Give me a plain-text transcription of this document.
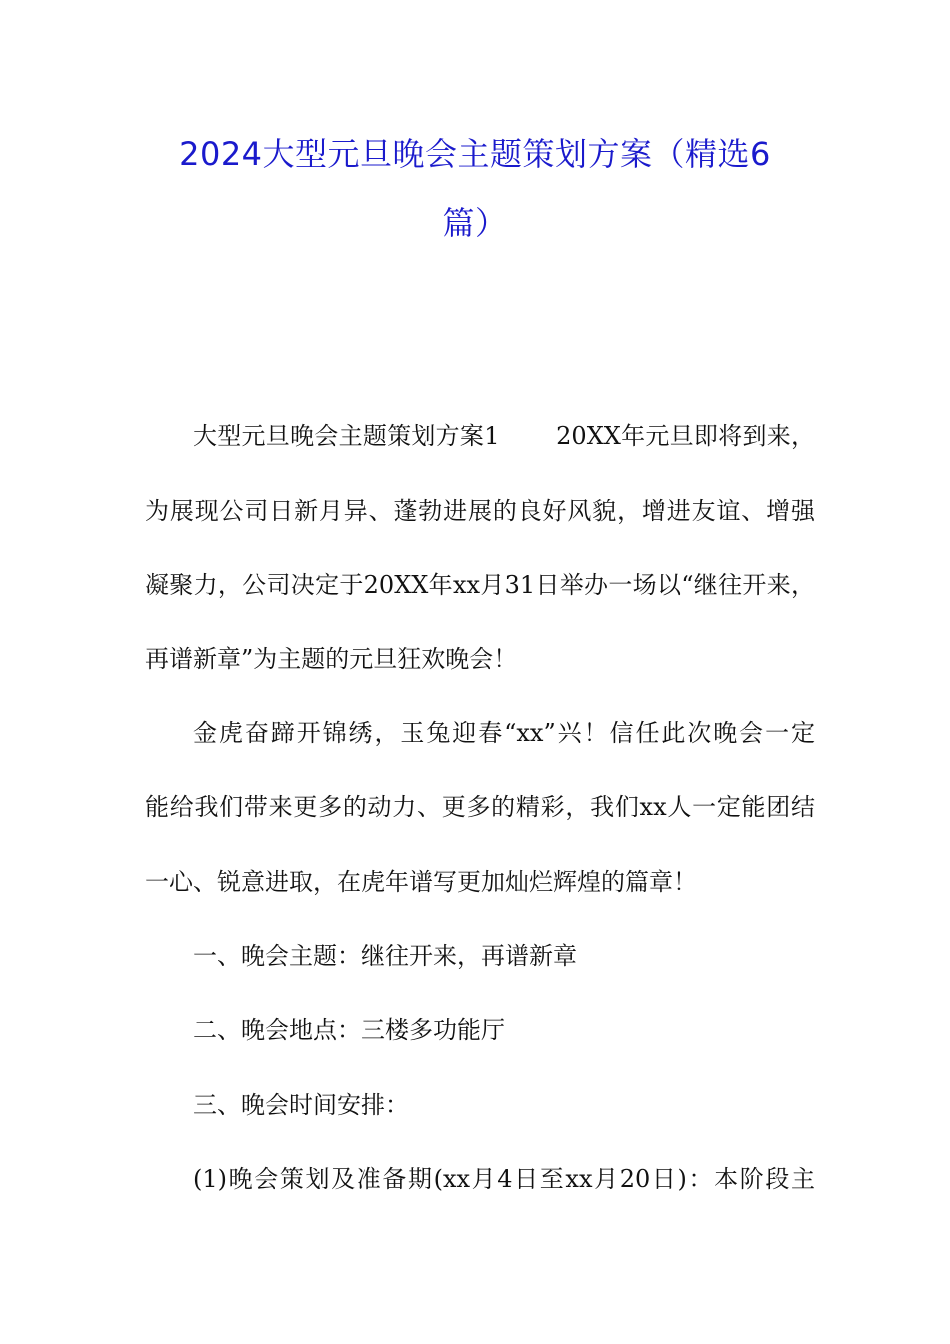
2024大型元旦晚会主题策划方案（精选6
篇）
大型元旦晚会主题策划方案1　　 20XX年元旦即将到来，
为展现公司日新月异、蓬勃进展的良好风貌，增进友谊、增强
凝聚力，公司决定于20XX年xx月31日举办一场以“继往开来，
再谱新章”为主题的元旦狂欢晚会！
金虎奋蹄开锦绣，玉兔迎春“xx”兴！信任此次晚会一定
能给我们带来更多的动力、更多的精彩，我们xx人一定能团结
一心、锐意进取，在虎年谱写更加灿烂辉煌的篇章！
一、晚会主题：继往开来，再谱新章
二、晚会地点：三楼多功能厅
三、晚会时间安排：
(1)晚会策划及准备期(xx月4日至xx月20日)：本阶段主
